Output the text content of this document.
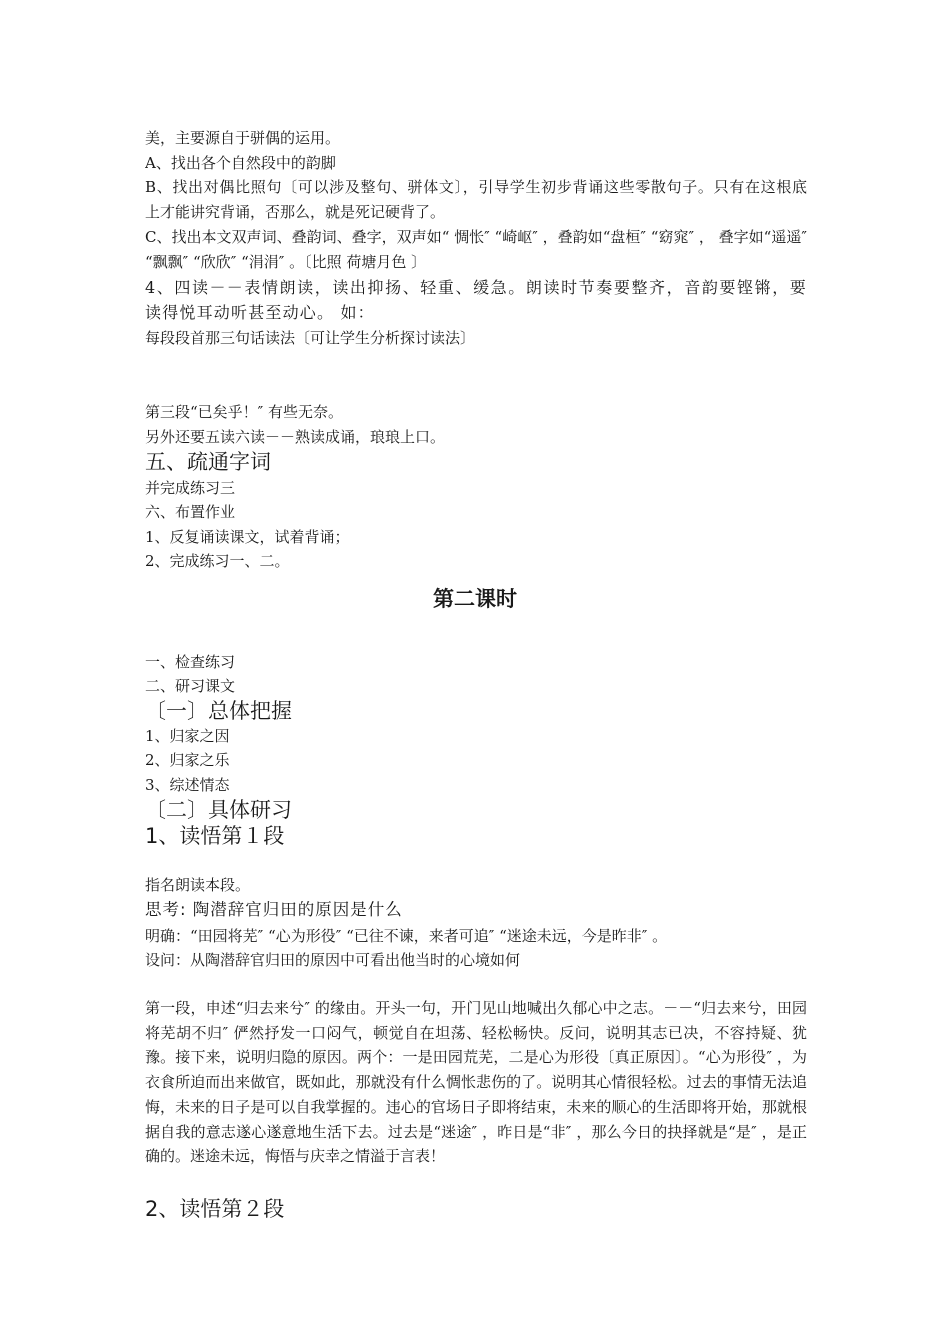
美，主要源自于骈偶的运用。
A、找出各个自然段中的韵脚
B、找出对偶比照句〔可以涉及整句、骈体文〕，引导学生初步背诵这些零散句子。只有在这根底　　　上才能讲究背诵，否那么，就是死记硬背了。
C、找出本文双声词、叠韵词、叠字，双声如“ 惆怅″ “崎岖″ ，叠韵如“盘桓″ “窈窕″ ， 叠字如“遥遥″ “飘飘″ “欣欣″ “涓涓″ 。〔比照 荷塘月色 〕
4、四读－－表情朗读，读出抑扬、轻重、缓急。朗读时节奏要整齐，音韵要铿锵，要读得悦耳动听甚至动心。 如：
每段段首那三句话读法〔可让学生分析探讨读法〕
第三段“已矣乎！″ 有些无奈。
另外还要五读六读－－熟读成诵，琅琅上口。
五、疏通字词
并完成练习三
六、布置作业
1、反复诵读课文，试着背诵；
2、完成练习一、二。
第二课时
一、检查练习
二、研习课文
〔一〕总体把握
1、归家之因
2、归家之乐
3、综述情态
〔二〕具体研习
1、读悟第１段
指名朗读本段。
思考: 陶潜辞官归田的原因是什么
明确：“田园将芜″ “心为形役″ “已往不谏，来者可追″ “迷途未远，今是昨非″ 。
设问：从陶潜辞官归田的原因中可看出他当时的心境如何
第一段，申述“归去来兮″ 的缘由。开头一句，开门见山地喊出久郁心中之志。－－“归去来兮，田园将芜胡不归″ 俨然抒发一口闷气，顿觉自在坦荡、轻松畅快。反问，说明其志已决，不容持疑、犹豫。接下来，说明归隐的原因。两个：一是田园荒芜，二是心为形役〔真正原因〕。“心为形役″ ，为衣食所迫而出来做官，既如此，那就没有什么惆怅悲伤的了。说明其心情很轻松。过去的事情无法追悔，未来的日子是可以自我掌握的。违心的官场日子即将结束，未来的顺心的生活即将开始，那就根据自我的意志遂心遂意地生活下去。过去是“迷途″ ，昨日是“非″ ，那么今日的抉择就是“是″ ，是正确的。迷途未远，悔悟与庆幸之情溢于言表！
2、读悟第２段
